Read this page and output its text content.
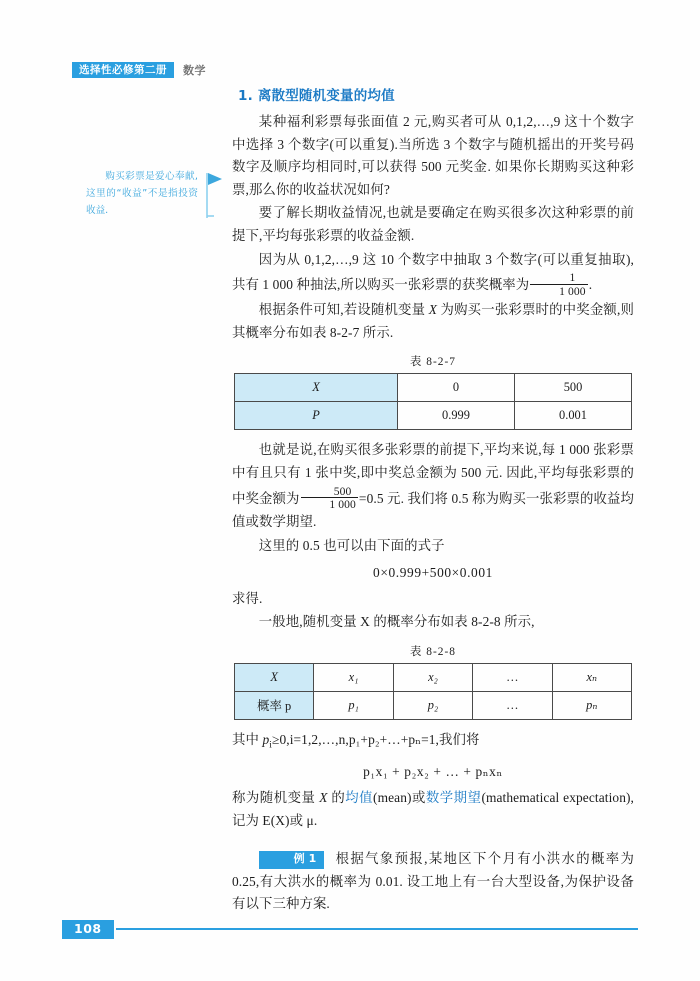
选择性必修第二册	数学
购买彩票是爱心奉献,这里的“收益”不是指投资收益.
1. 离散型随机变量的均值

某种福利彩票每张面值 2 元,购买者可从 0,1,2,…,9 这十个数字中选择 3 个数字(可以重复).当所选 3 个数字与随机摇出的开奖号码数字及顺序均相同时,可以获得 500 元奖金. 如果你长期购买这种彩票,那么你的收益状况如何?

要了解长期收益情况,也就是要确定在购买很多次这种彩票的前提下,平均每张彩票的收益金额.

因为从 0,1,2,…,9 这 10 个数字中抽取 3 个数字(可以重复抽取),共有 1 000 种抽法,所以购买一张彩票的获奖概率为 $\frac{1}{1 000}$ .

根据条件可知,若设随机变量 X 为购买一张彩票时的中奖金额,则其概率分布如表 8-2-7 所示.

表 8-2-7
X	0	500
P	0.999	0.001

也就是说,在购买很多张彩票的前提下,平均来说,每 1 000 张彩票中有且只有 1 张中奖,即中奖总金额为 500 元. 因此,平均每张彩票的中奖金额为 $\frac{500}{1 000} =0.5$ 元. 我们将 0.5 称为购买一张彩票的收益均值或数学期望.

这里的 0.5 也可以由下面的式子

0×0.999+500×0.001

求得.

一般地,随机变量 X 的概率分布如表 8-2-8 所示,

表 8-2-8
X	x₁	x₂	…	xₙ
概率 p	p₁	p₂	…	pₙ

其中 $p_i\ge 0,i=1,2,\dots,n,p_1+p_2+\dots+p_n=1$,我们将

p₁x₁ + p₂x₂ + … + pₙxₙ

称为随机变量 X 的均值(mean)或数学期望(mathematical expectation),记为 E(X)或 μ.

例 1 根据气象预报,某地区下个月有小洪水的概率为 0.25,有大洪水的概率为 0.01. 设工地上有一台大型设备,为保护设备有以下三种方案.

108
